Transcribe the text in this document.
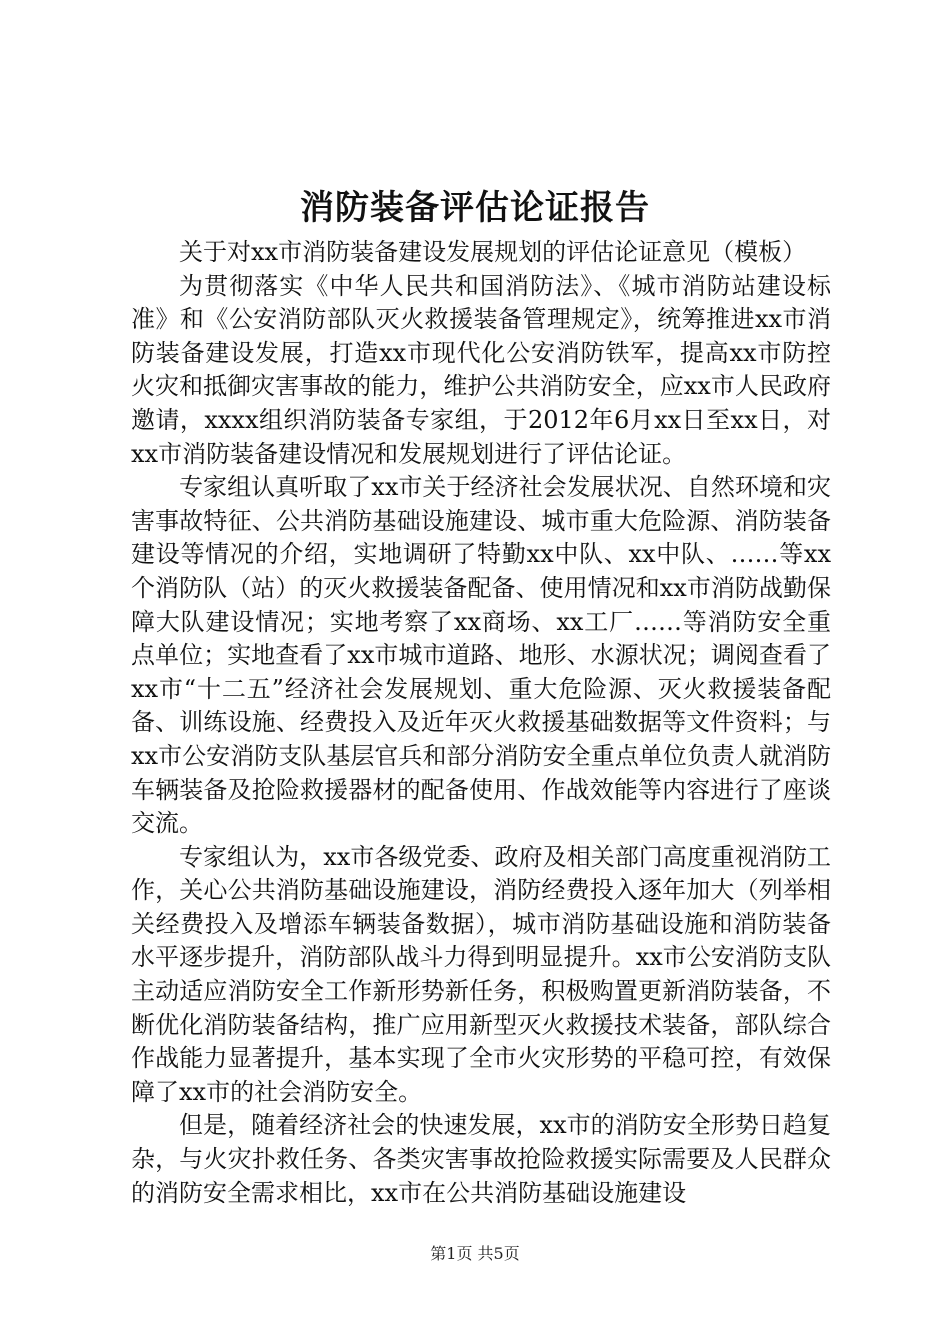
消防装备评估论证报告

关于对xx市消防装备建设发展规划的评估论证意见（模板）

为贯彻落实《中华人民共和国消防法》、《城市消防站建设标准》和《公安消防部队灭火救援装备管理规定》，统筹推进xx市消防装备建设发展，打造xx市现代化公安消防铁军，提高xx市防控火灾和抵御灾害事故的能力，维护公共消防安全，应xx市人民政府邀请，xxxx组织消防装备专家组，于2012年6月xx日至xx日，对xx市消防装备建设情况和发展规划进行了评估论证。

专家组认真听取了xx市关于经济社会发展状况、自然环境和灾害事故特征、公共消防基础设施建设、城市重大危险源、消防装备建设等情况的介绍，实地调研了特勤xx中队、xx中队、……等xx个消防队（站）的灭火救援装备配备、使用情况和xx市消防战勤保障大队建设情况；实地考察了xx商场、xx工厂……等消防安全重点单位；实地查看了xx市城市道路、地形、水源状况；调阅查看了xx市“十二五”经济社会发展规划、重大危险源、灭火救援装备配备、训练设施、经费投入及近年灭火救援基础数据等文件资料；与xx市公安消防支队基层官兵和部分消防安全重点单位负责人就消防车辆装备及抢险救援器材的配备使用、作战效能等内容进行了座谈交流。

专家组认为，xx市各级党委、政府及相关部门高度重视消防工作，关心公共消防基础设施建设，消防经费投入逐年加大（列举相关经费投入及增添车辆装备数据），城市消防基础设施和消防装备水平逐步提升，消防部队战斗力得到明显提升。xx市公安消防支队主动适应消防安全工作新形势新任务，积极购置更新消防装备，不断优化消防装备结构，推广应用新型灭火救援技术装备，部队综合作战能力显著提升，基本实现了全市火灾形势的平稳可控，有效保障了xx市的社会消防安全。

但是，随着经济社会的快速发展，xx市的消防安全形势日趋复杂，与火灾扑救任务、各类灾害事故抢险救援实际需要及人民群众的消防安全需求相比，xx市在公共消防基础设施建设

第1页 共5页
